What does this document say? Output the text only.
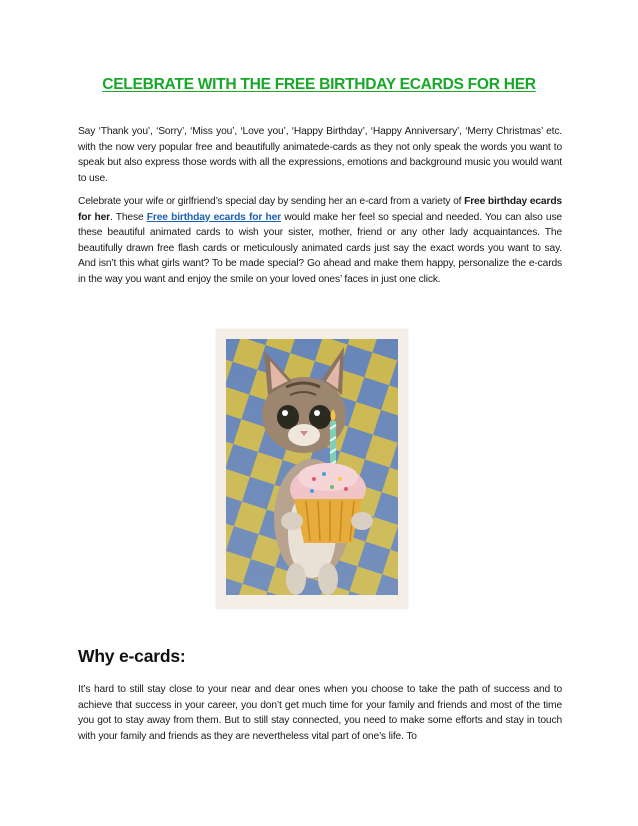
CELEBRATE WITH THE FREE BIRTHDAY ECARDS FOR HER

Say ‘Thank you’, ‘Sorry’, ‘Miss you’, ‘Love you’, ‘Happy Birthday’, ‘Happy Anniversary’, ‘Merry Christmas’ etc. with the now very popular free and beautifully animatede-cards as they not only speak the words you want to speak but also express those words with all the expressions, emotions and background music you would want to use.

Celebrate your wife or girlfriend’s special day by sending her an e-card from a variety of Free birthday ecards for her. These Free birthday ecards for her would make her feel so special and needed. You can also use these beautiful animated cards to wish your sister, mother, friend or any other lady acquaintances. The beautifully drawn free flash cards or meticulously animated cards just say the exact words you want to say. And isn’t this what girls want? To be made special? Go ahead and make them happy, personalize the e-cards in the way you want and enjoy the smile on your loved ones’ faces in just one click.

Why e-cards:

It’s hard to still stay close to your near and dear ones when you choose to take the path of success and to achieve that success in your career, you don’t get much time for your family and friends and most of the time you got to stay away from them. But to still stay connected, you need to make some efforts and stay in touch with your family and friends as they are nevertheless vital part of one’s life. To
